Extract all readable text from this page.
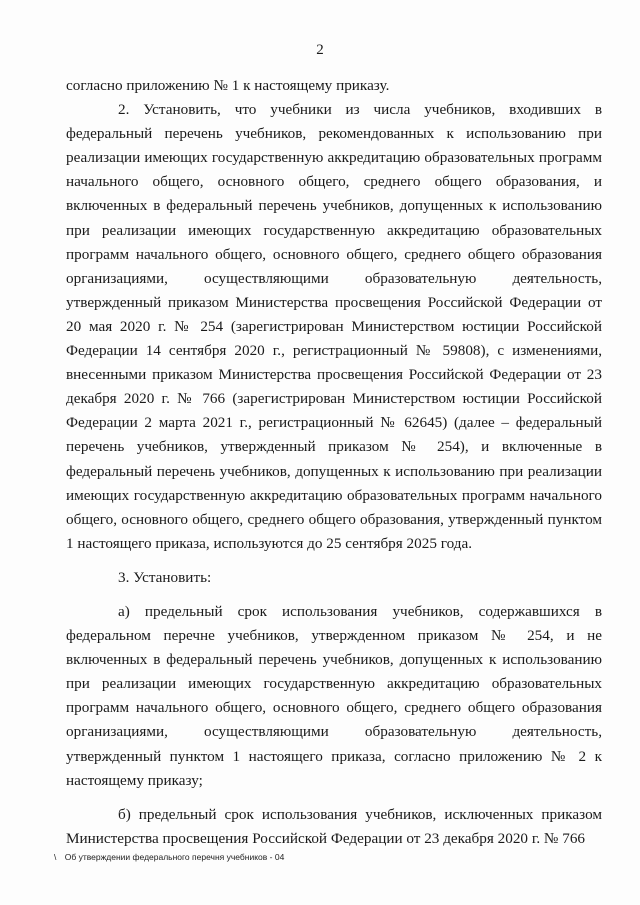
2

согласно приложению № 1 к настоящему приказу.

2. Установить, что учебники из числа учебников, входивших в федеральный перечень учебников, рекомендованных к использованию при реализации имеющих государственную аккредитацию образовательных программ начального общего, основного общего, среднего общего образования, и включенных в федеральный перечень учебников, допущенных к использованию при реализации имеющих государственную аккредитацию образовательных программ начального общего, основного общего, среднего общего образования организациями, осуществляющими образовательную деятельность, утвержденный приказом Министерства просвещения Российской Федерации от 20 мая 2020 г. № 254 (зарегистрирован Министерством юстиции Российской Федерации 14 сентября 2020 г., регистрационный № 59808), с изменениями, внесенными приказом Министерства просвещения Российской Федерации от 23 декабря 2020 г. № 766 (зарегистрирован Министерством юстиции Российской Федерации 2 марта 2021 г., регистрационный № 62645) (далее – федеральный перечень учебников, утвержденный приказом № 254), и включенные в федеральный перечень учебников, допущенных к использованию при реализации имеющих государственную аккредитацию образовательных программ начального общего, основного общего, среднего общего образования, утвержденный пунктом 1 настоящего приказа, используются до 25 сентября 2025 года.

3. Установить:

а) предельный срок использования учебников, содержавшихся в федеральном перечне учебников, утвержденном приказом № 254, и не включенных в федеральный перечень учебников, допущенных к использованию при реализации имеющих государственную аккредитацию образовательных программ начального общего, основного общего, среднего общего образования организациями, осуществляющими образовательную деятельность, утвержденный пунктом 1 настоящего приказа, согласно приложению № 2 к настоящему приказу;

б) предельный срок использования учебников, исключенных приказом Министерства просвещения Российской Федерации от 23 декабря 2020 г. № 766

\ Об утверждении федерального перечня учебников - 04
